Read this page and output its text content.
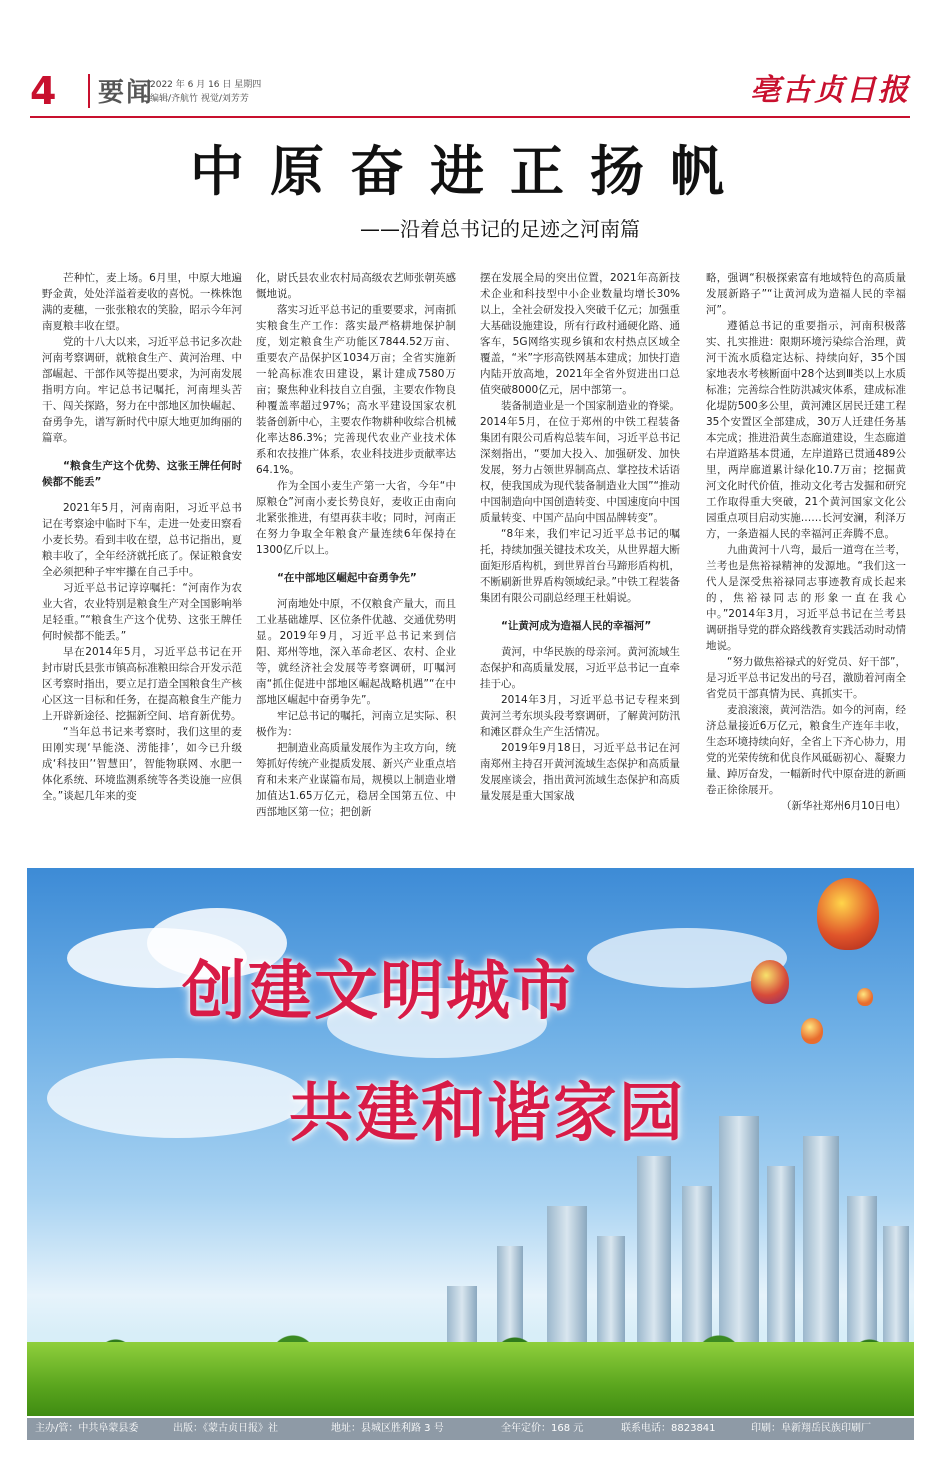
4 要闻
2022 年 6 月 16 日 星期四
编辑/齐航竹 视觉/刘芳芳	亳古贞日报
中原奋进正扬帆
——沿着总书记的足迹之河南篇

芒种忙，麦上场。6月里，中原大地遍野金黄，处处洋溢着麦收的喜悦。一株株饱满的麦穗，一张张粮农的笑脸，昭示今年河南夏粮丰收在望。

党的十八大以来，习近平总书记多次赴河南考察调研，就粮食生产、黄河治理、中部崛起、干部作风等提出要求，为河南发展指明方向。牢记总书记嘱托，河南埋头苦干、闯关探路，努力在中部地区加快崛起、奋勇争先，谱写新时代中原大地更加绚丽的篇章。

“粮食生产这个优势、这张王牌任何时候都不能丢”

2021年5月，河南南阳，习近平总书记在考察途中临时下车，走进一处麦田察看小麦长势。看到丰收在望，总书记指出，夏粮丰收了，全年经济就托底了。保证粮食安全必须把种子牢牢攥在自己手中。

习近平总书记谆谆嘱托：“河南作为农业大省，农业特别是粮食生产对全国影响举足轻重。”“粮食生产这个优势、这张王牌任何时候都不能丢。”

早在2014年5月，习近平总书记在开封市尉氏县张市镇高标准粮田综合开发示范区考察时指出，要立足打造全国粮食生产核心区这一目标和任务，在提高粮食生产能力上开辟新途径、挖掘新空间、培育新优势。

“当年总书记来考察时，我们这里的麦田刚实现‘旱能浇、涝能排’，如今已升级成‘科技田’‘智慧田’，智能物联网、水肥一体化系统、环境监测系统等各类设施一应俱全。”谈起几年来的变

化，尉氏县农业农村局高级农艺师张朝英感慨地说。

落实习近平总书记的重要要求，河南抓实粮食生产工作：落实最严格耕地保护制度，划定粮食生产功能区7844.52万亩、重要农产品保护区1034万亩；全省实施新一轮高标准农田建设，累计建成7580万亩；聚焦种业科技自立自强，主要农作物良种覆盖率超过97%；高水平建设国家农机装备创新中心，主要农作物耕种收综合机械化率达86.3%；完善现代农业产业技术体系和农技推广体系，农业科技进步贡献率达64.1%。

作为全国小麦生产第一大省，今年“中原粮仓”河南小麦长势良好，麦收正由南向北紧张推进，有望再获丰收；同时，河南正在努力争取全年粮食产量连续6年保持在1300亿斤以上。

“在中部地区崛起中奋勇争先”

河南地处中原，不仅粮食产量大，而且工业基础雄厚、区位条件优越、交通优势明显。2019年9月，习近平总书记来到信阳、郑州等地，深入革命老区、农村、企业等，就经济社会发展等考察调研，叮嘱河南“抓住促进中部地区崛起战略机遇”“在中部地区崛起中奋勇争先”。

牢记总书记的嘱托，河南立足实际、积极作为：

把制造业高质量发展作为主攻方向，统筹抓好传统产业提质发展、新兴产业重点培育和未来产业谋篇布局，规模以上制造业增加值达1.65万亿元，稳居全国第五位、中西部地区第一位；把创新

摆在发展全局的突出位置，2021年高新技术企业和科技型中小企业数量均增长30%以上，全社会研发投入突破千亿元；加强重大基础设施建设，所有行政村通硬化路、通客车，5G网络实现乡镇和农村热点区域全覆盖，“米”字形高铁网基本建成；加快打造内陆开放高地，2021年全省外贸进出口总值突破8000亿元，居中部第一。

装备制造业是一个国家制造业的脊梁。2014年5月，在位于郑州的中铁工程装备集团有限公司盾构总装车间，习近平总书记深刻指出，“要加大投入、加强研发、加快发展，努力占领世界制高点、掌控技术话语权，使我国成为现代装备制造业大国”“推动中国制造向中国创造转变、中国速度向中国质量转变、中国产品向中国品牌转变”。

“8年来，我们牢记习近平总书记的嘱托，持续加强关键技术攻关，从世界超大断面矩形盾构机，到世界首台马蹄形盾构机，不断刷新世界盾构领域纪录。”中铁工程装备集团有限公司副总经理王杜娟说。

“让黄河成为造福人民的幸福河”

黄河，中华民族的母亲河。黄河流域生态保护和高质量发展，习近平总书记一直牵挂于心。

2014年3月，习近平总书记专程来到黄河兰考东坝头段考察调研，了解黄河防汛和滩区群众生产生活情况。

2019年9月18日，习近平总书记在河南郑州主持召开黄河流域生态保护和高质量发展座谈会，指出黄河流域生态保护和高质量发展是重大国家战

略，强调“积极探索富有地域特色的高质量发展新路子”“让黄河成为造福人民的幸福河”。

遵循总书记的重要指示，河南积极落实、扎实推进：限期环境污染综合治理，黄河干流水质稳定达标、持续向好，35个国家地表水考核断面中28个达到Ⅲ类以上水质标准；完善综合性防洪减灾体系，建成标准化堤防500多公里，黄河滩区居民迁建工程35个安置区全部建成，30万人迁建任务基本完成；推进沿黄生态廊道建设，生态廊道右岸道路基本贯通，左岸道路已贯通489公里，两岸廊道累计绿化10.7万亩；挖掘黄河文化时代价值，推动文化考古发掘和研究工作取得重大突破，21个黄河国家文化公园重点项目启动实施……长河安澜，利泽万方，一条造福人民的幸福河正奔腾不息。

九曲黄河十八弯，最后一道弯在兰考，兰考也是焦裕禄精神的发源地。“我们这一代人是深受焦裕禄同志事迹教育成长起来的，焦裕禄同志的形象一直在我心中。”2014年3月，习近平总书记在兰考县调研指导党的群众路线教育实践活动时动情地说。

“努力做焦裕禄式的好党员、好干部”，是习近平总书记发出的号召，激励着河南全省党员干部真情为民、真抓实干。

麦浪滚滚，黄河浩浩。如今的河南，经济总量接近6万亿元，粮食生产连年丰收，生态环境持续向好，全省上下齐心协力，用党的光荣传统和优良作风砥砺初心、凝聚力量、踔厉奋发，一幅新时代中原奋进的新画卷正徐徐展开。

（新华社郑州6月10日电）

创建文明城市
共建和谐家园
主办/管：中共阜蒙县委	出版：《蒙古贞日报》社	地址：县城区胜利路 3 号	全年定价：168 元	联系电话：8823841	印刷：阜新翔岳民族印刷厂
